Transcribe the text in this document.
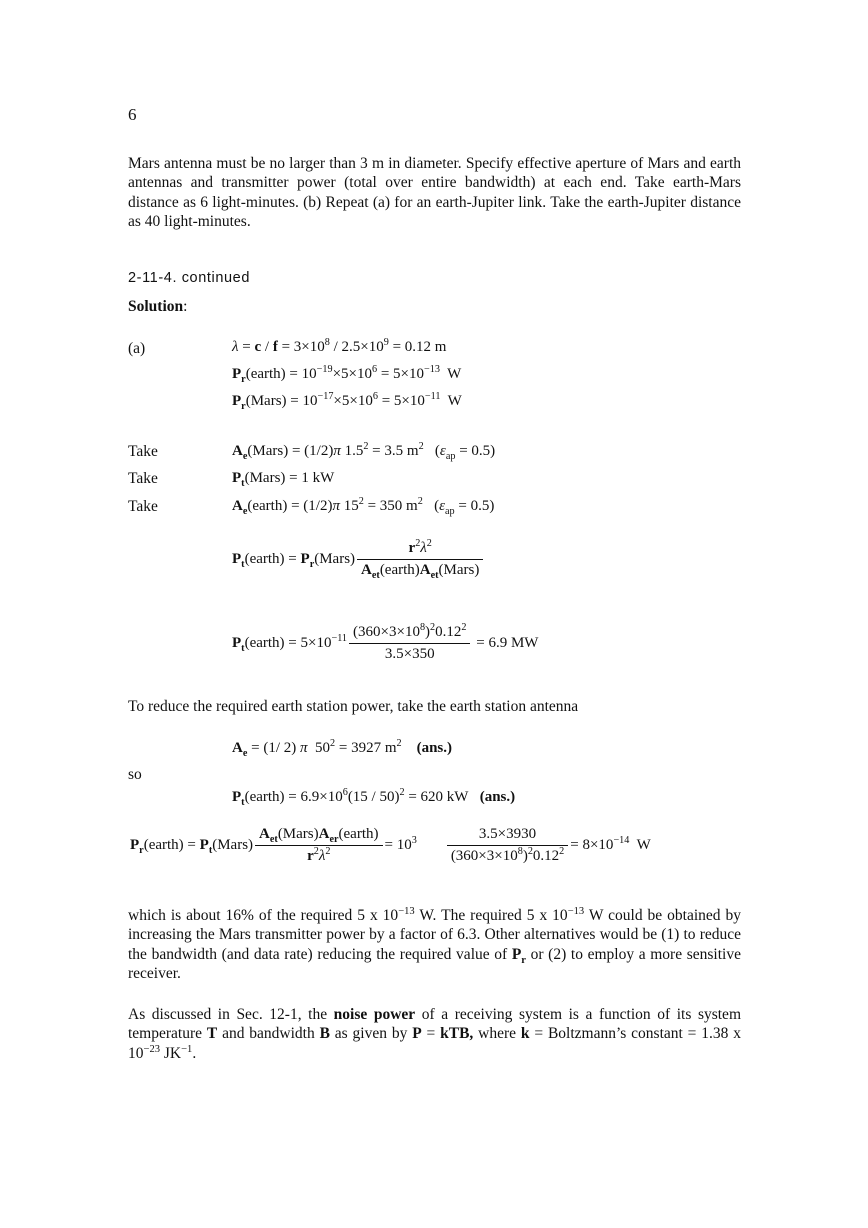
6
Mars antenna must be no larger than 3 m in diameter. Specify effective aperture of Mars and earth antennas and transmitter power (total over entire bandwidth) at each end. Take earth-Mars distance as 6 light-minutes. (b) Repeat (a) for an earth-Jupiter link. Take the earth-Jupiter distance as 40 light-minutes.
2-11-4. continued
Solution:
(a)	$\lambda = c / f = 3\times 10^8 / 2.5\times 10^9 = 0.12$ m
$P_r(earth) = 10^{-19}\times 5\times 10^6 = 5\times 10^{-13}$  W
$P_r(Mars) = 10^{-17}\times 5\times 10^6 = 5\times 10^{-11}$  W
Take
Take
Take
$A_e(Mars) = (1/2)\pi$ $1.5^2 = 3.5$ $m^2$   $(\varepsilon_{ap} = 0.5)$
$P_t(Mars) = 1$ kW
$A_e(earth) = (1/2)\pi$ $15^2 = 350$ $m^2$   $(\varepsilon_{ap} = 0.5)$
$P_t(earth)$ = $P_r(Mars) \frac{r^2\lambda^2}{A_{et}(earth)A_{et}(Mars)}$
$P_t(earth) = 5\times 10^{-11} \frac{(360\times 3\times 10^8)^20.12^2}{3.5\times 350} = 6.9$ MW
To reduce the required earth station power, take the earth station antenna
$A_e = (1/$ 2) π  $50^2 = 3927$ $m^2$ (ans.)
so
$P_t(earth) = 6.9\times 10^6(15 / 50)^2 = 620$ kW   (ans.)
$P_r(earth)$ = $P_t(Mars) \frac{A_{et}(Mars)A_{er}(earth)}{r^2\lambda^2} = 10^3 \frac{3.5\times 3930}{(360\times 3\times 10^8)^20.12^2} = 8\times 10^{-14}$  W
which is about 16% of the required 5 x $10^{-13}$ W. The required 5 x $10^{-13}$ W could be obtained by increasing the Mars transmitter power by a factor of 6.3. Other alternatives would be (1) to reduce the bandwidth (and data rate) reducing the required value of $P_r$ or (2) to employ a more sensitive receiver.
As discussed in Sec. 12-1, the noise power of a receiving system is a function of its system temperature T and bandwidth B as given by P = kTB, where k = Boltzmann’s constant = 1.38 x $10^{-23}$ $JK^{-1}$.
